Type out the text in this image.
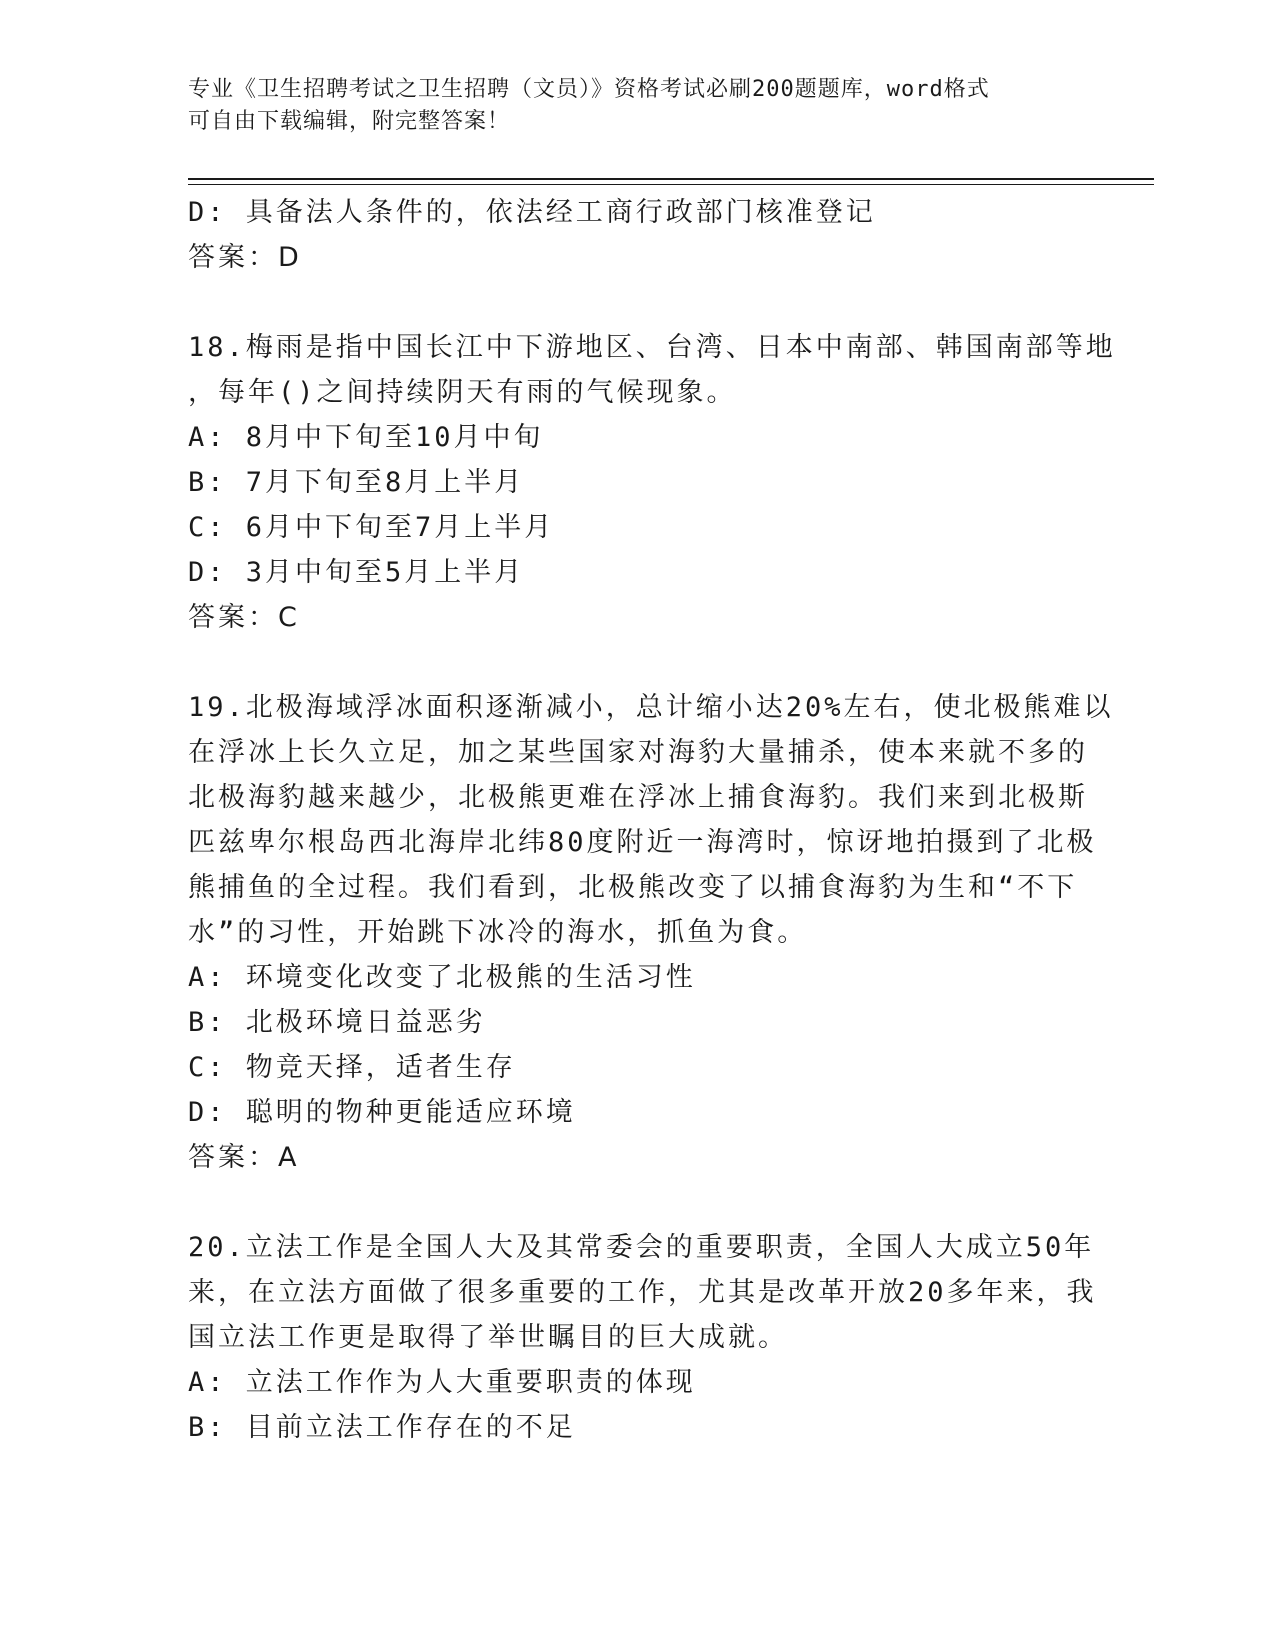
专业《卫生招聘考试之卫生招聘（文员）》资格考试必刷200题题库，word格式
可自由下载编辑，附完整答案！
D: 具备法人条件的，依法经工商行政部门核准登记
答案：D
18.梅雨是指中国长江中下游地区、台湾、日本中南部、韩国南部等地
，每年()之间持续阴天有雨的气候现象。
A: 8月中下旬至10月中旬
B: 7月下旬至8月上半月
C: 6月中下旬至7月上半月
D: 3月中旬至5月上半月
答案：C
19.北极海域浮冰面积逐渐减小，总计缩小达20%左右，使北极熊难以
在浮冰上长久立足，加之某些国家对海豹大量捕杀，使本来就不多的
北极海豹越来越少，北极熊更难在浮冰上捕食海豹。我们来到北极斯
匹兹卑尔根岛西北海岸北纬80度附近一海湾时，惊讶地拍摄到了北极
熊捕鱼的全过程。我们看到，北极熊改变了以捕食海豹为生和“不下
水”的习性，开始跳下冰冷的海水，抓鱼为食。
A: 环境变化改变了北极熊的生活习性
B: 北极环境日益恶劣
C: 物竞天择，适者生存
D: 聪明的物种更能适应环境
答案：A
20.立法工作是全国人大及其常委会的重要职责，全国人大成立50年
来，在立法方面做了很多重要的工作，尤其是改革开放20多年来，我
国立法工作更是取得了举世瞩目的巨大成就。
A: 立法工作作为人大重要职责的体现
B: 目前立法工作存在的不足
